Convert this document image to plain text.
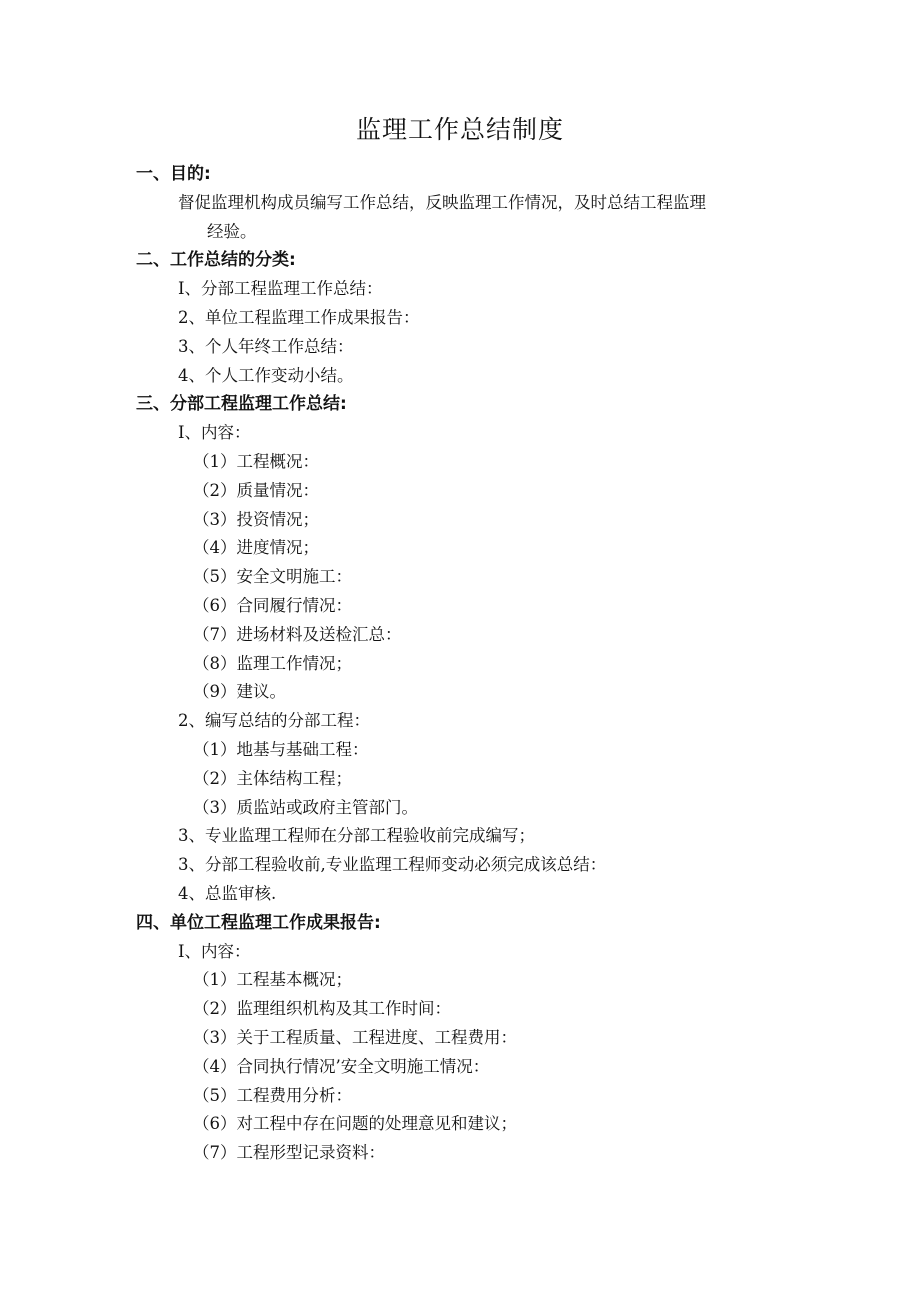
监理工作总结制度

一、目的:

督促监理机构成员编写工作总结，反映监理工作情况，及时总结工程监理

经验。

二、工作总结的分类:

I、分部工程监理工作总结：

2、单位工程监理工作成果报告：

3、个人年终工作总结：

4、个人工作变动小结。

三、分部工程监理工作总结:

I、内容：

（1）工程概况：

（2）质量情况：

（3）投资情况；

（4）进度情况；

（5）安全文明施工：

（6）合同履行情况：

（7）进场材料及送检汇总：

（8）监理工作情况；

（9）建议。

2、编写总结的分部工程：

（1）地基与基础工程：

（2）主体结构工程；

（3）质监站或政府主管部门。

3、专业监理工程师在分部工程验收前完成编写；

3、分部工程验收前,专业监理工程师变动必须完成该总结：

4、总监审核.

四、单位工程监理工作成果报告:

I、内容：

（1）工程基本概况；

（2）监理组织机构及其工作时间：

（3）关于工程质量、工程进度、工程费用：

（4）合同执行情况’安全文明施工情况：

（5）工程费用分析：

（6）对工程中存在问题的处理意见和建议；

（7）工程形型记录资料：
